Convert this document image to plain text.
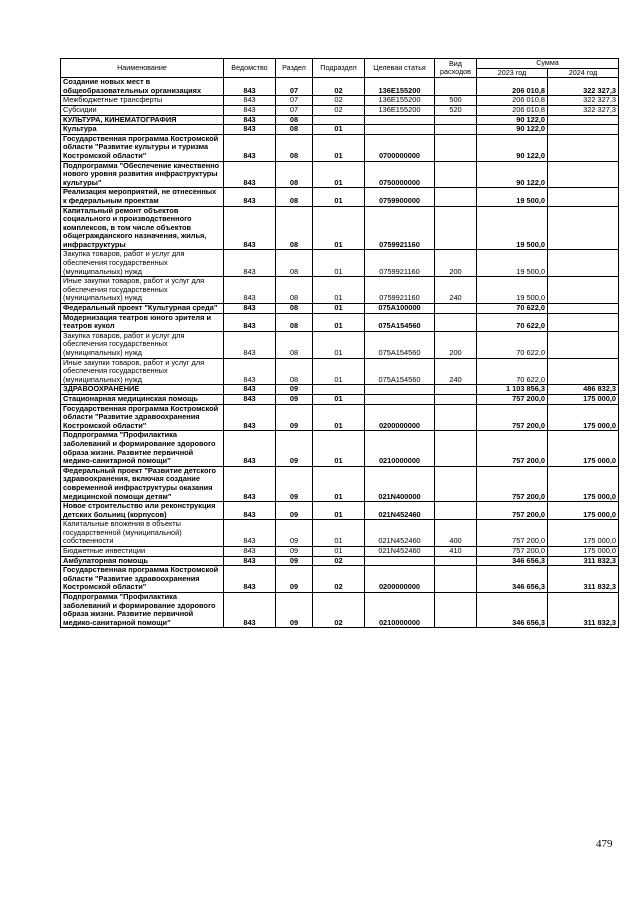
Наименование	Ведомство	Раздел	Подраздел	Целевая статья	Вид расходов	Сумма	
						2023 год	2024 год
Создание новых мест в общеобразовательных организациях	843	07	02	136E155200		206 010,8	322 327,3
Межбюджетные трансферты	843	07	02	136E155200	500	206 010,8	322 327,3
Субсидии	843	07	02	136E155200	520	206 010,8	322 327,3
КУЛЬТУРА, КИНЕМАТОГРАФИЯ	843	08				90 122,0	
Культура	843	08	01			90 122,0	
Государственная программа Костромской области "Развитие культуры и туризма Костромской области"	843	08	01	0700000000		90 122,0	
Подпрограмма "Обеспечение качественно нового уровня развития инфраструктуры культуры"	843	08	01	0750000000		90 122,0	
Реализация мероприятий, не отнесенных к федеральным проектам	843	08	01	0759900000		19 500,0	
Капитальный ремонт объектов социального и производственного комплексов, в том числе объектов общегражданского назначения, жилья, инфраструктуры	843	08	01	0759921160		19 500,0	
Закупка товаров, работ и услуг для обеспечения государственных (муниципальных) нужд	843	08	01	0759921160	200	19 500,0	
Иные закупки товаров, работ и услуг для обеспечения государственных (муниципальных) нужд	843	08	01	0759921160	240	19 500,0	
Федеральный проект "Культурная среда"	843	08	01	075A100000		70 622,0	
Модернизация театров юного зрителя и театров кукол	843	08	01	075A154560		70 622,0	
Закупка товаров, работ и услуг для обеспечения государственных (муниципальных) нужд	843	08	01	075A154560	200	70 622,0	
Иные закупки товаров, работ и услуг для обеспечения государственных (муниципальных) нужд	843	08	01	075A154560	240	70 622,0	
ЗДРАВООХРАНЕНИЕ	843	09				1 103 856,3	486 832,3
Стационарная медицинская помощь	843	09	01			757 200,0	175 000,0
Государственная программа Костромской области "Развитие здравоохранения Костромской области"	843	09	01	0200000000		757 200,0	175 000,0
Подпрограмма "Профилактика заболеваний и формирование здорового образа жизни. Развитие первичной медико-санитарной помощи"	843	09	01	0210000000		757 200,0	175 000,0
Федеральный проект "Развитие детского здравоохранения, включая создание современной инфраструктуры оказания медицинской помощи детям"	843	09	01	021N400000		757 200,0	175 000,0
Новое строительство или реконструкция детских больниц (корпусов)	843	09	01	021N452460		757 200,0	175 000,0
Капитальные вложения в объекты государственной (муниципальной) собственности	843	09	01	021N452460	400	757 200,0	175 000,0
Бюджетные инвестиции	843	09	01	021N452460	410	757 200,0	175 000,0
Амбулаторная помощь	843	09	02			346 656,3	311 832,3
Государственная программа Костромской области "Развитие здравоохранения Костромской области"	843	09	02	0200000000		346 656,3	311 832,3
Подпрограмма "Профилактика заболеваний и формирование здорового образа жизни. Развитие первичной медико-санитарной помощи"	843	09	02	0210000000		346 656,3	311 832,3
479
